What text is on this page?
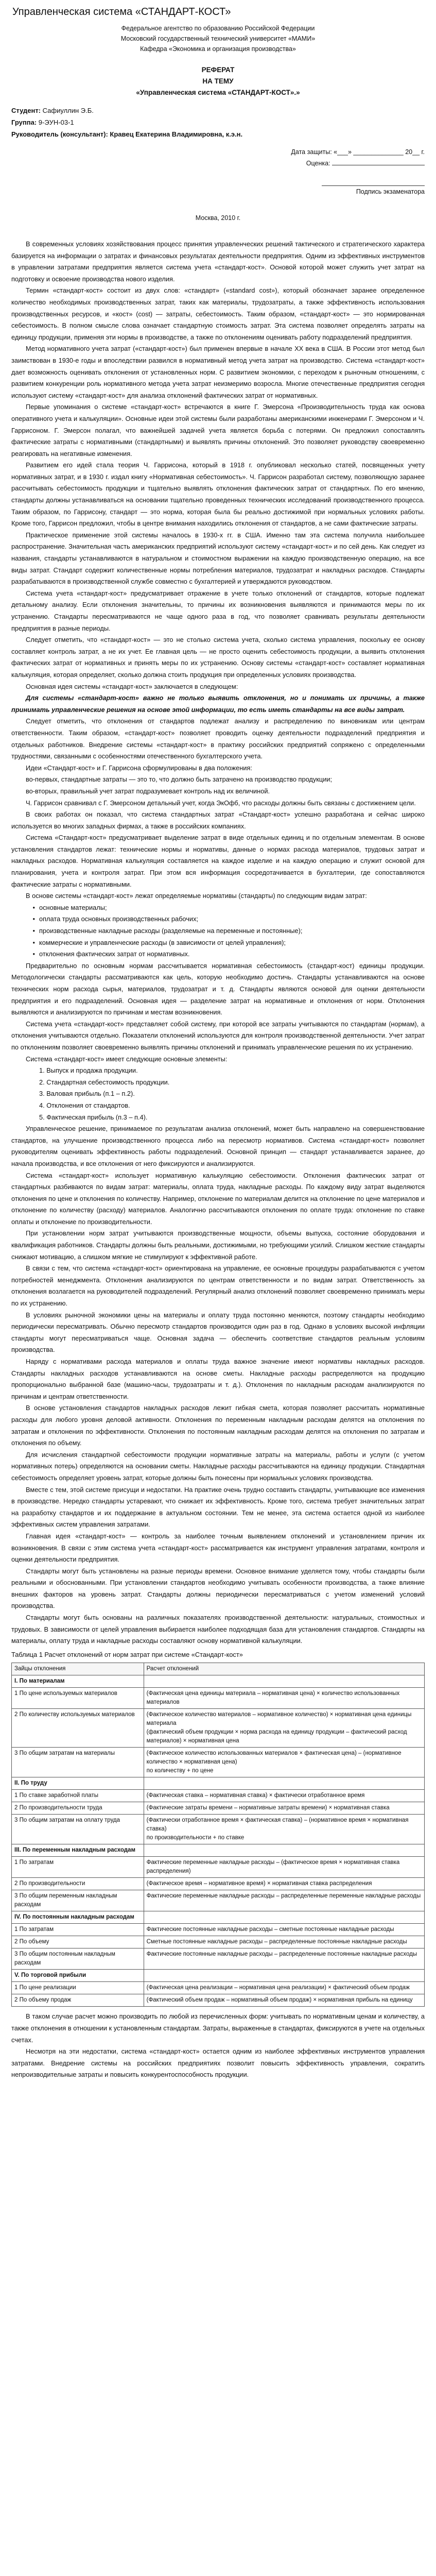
Управленческая система «СТАНДАРТ-КОСТ»
Федеральное агентство по образованию Российской Федерации
Московский государственный технический университет «МАМИ»
Кафедра «Экономика и организация производства»
РЕФЕРАТ
НА ТЕМУ
«Управленческая система «СТАНДАРТ-КОСТ».»
Студент: Сафиуллин Э.Б.
Группа: 9-ЭУН-03-1
Руководитель (консультант): Кравец Екатерина Владимировна, к.э.н.
Дата защиты: «___» ______________ 20__ г.
Оценка:

Подпись экзаменатора
Москва, 2010 г.

В современных условиях хозяйствования процесс принятия управленческих решений тактического и стратегического характера базируется на информации о затратах и финансовых результатах деятельности предприятия. Одним из эффективных инструментов в управлении затратами предприятия является система учета «стандарт-кост». Основой которой может служить учет затрат на подготовку и освоение производства нового изделия.

Термин «стандарт-кост» состоит из двух слов: «стандарт» («standard cost»), который обозначает заранее определенное количество необходимых производственных затрат, таких как материалы, трудозатраты, а также эффективность использования производственных ресурсов, и «кост» (cost) — затраты, себестоимость. Таким образом, «стандарт-кост» — это нормированная себестоимость. В полном смысле слова означает стандартную стоимость затрат. Эта система позволяет определять затраты на единицу продукции, применяя эти нормы в производстве, а также по отклонениям оценивать работу подразделений предприятия.

Метод нормативного учета затрат («стандарт-кост») был применен впервые в начале XX века в США. В России этот метод был заимствован в 1930-е годы и впоследствии развился в нормативный метод учета затрат на производство. Система «стандарт-кост» дает возможность оценивать отклонения от установленных норм. С развитием экономики, с переходом к рыночным отношениям, с развитием конкуренции роль нормативного метода учета затрат неизмеримо возросла. Многие отечественные предприятия сегодня используют систему «стандарт-кост» для анализа отклонений фактических затрат от нормативных.

Первые упоминания о системе «стандарт-кост» встречаются в книге Г. Эмерсона «Производительность труда как основа оперативного учета и калькуляции». Основные идеи этой системы были разработаны американскими инженерами Г. Эмерсоном и Ч. Гаррисоном. Г. Эмерсон полагал, что важнейшей задачей учета является борьба с потерями. Он предложил сопоставлять фактические затраты с нормативными (стандартными) и выявлять причины отклонений. Это позволяет руководству своевременно реагировать на негативные изменения.

Развитием его идей стала теория Ч. Гаррисона, который в 1918 г. опубликовал несколько статей, посвященных учету нормативных затрат, и в 1930 г. издал книгу «Нормативная себестоимость». Ч. Гаррисон разработал систему, позволяющую заранее рассчитывать себестоимость продукции и тщательно выявлять отклонения фактических затрат от стандартных. По его мнению, стандарты должны устанавливаться на основании тщательно проведенных технических исследований производственного процесса. Таким образом, по Гаррисону, стандарт — это норма, которая была бы реально достижимой при нормальных условиях работы. Кроме того, Гаррисон предложил, чтобы в центре внимания находились отклонения от стандартов, а не сами фактические затраты.

Практическое применение этой системы началось в 1930-х гг. в США. Именно там эта система получила наибольшее распространение. Значительная часть американских предприятий используют систему «стандарт-кост» и по сей день. Как следует из названия, стандарты устанавливаются в натуральном и стоимостном выражении на каждую производственную операцию, на все виды затрат. Стандарт содержит количественные нормы потребления материалов, трудозатрат и накладных расходов. Стандарты разрабатываются в производственной службе совместно с бухгалтерией и утверждаются руководством.

Система учета «стандарт-кост» предусматривает отражение в учете только отклонений от стандартов, которые подлежат детальному анализу. Если отклонения значительны, то причины их возникновения выявляются и принимаются меры по их устранению. Стандарты пересматриваются не чаще одного раза в год, что позволяет сравнивать результаты деятельности предприятия в разные периоды.

Следует отметить, что «стандарт-кост» — это не столько система учета, сколько система управления, поскольку ее основу составляет контроль затрат, а не их учет. Ее главная цель — не просто оценить себестоимость продукции, а выявить отклонения фактических затрат от нормативных и принять меры по их устранению. Основу системы «стандарт-кост» составляет нормативная калькуляция, которая определяет, сколько должна стоить продукция при определенных условиях производства.

Основная идея системы «стандарт-кост» заключается в следующем:

Для системы «стандарт-кост» важно не только выявить отклонения, но и понимать их причины, а также принимать управленческие решения на основе этой информации, то есть иметь стандарты на все виды затрат.

Следует отметить, что отклонения от стандартов подлежат анализу и распределению по виновникам или центрам ответственности. Таким образом, «стандарт-кост» позволяет проводить оценку деятельности подразделений предприятия и отдельных работников. Внедрение системы «стандарт-кост» в практику российских предприятий сопряжено с определенными трудностями, связанными с особенностями отечественного бухгалтерского учета.

Идеи «Стандарт-кост» и Г. Гаррисона сформулированы в два положения:

во-первых, стандартные затраты — это то, что должно быть затрачено на производство продукции;

во-вторых, правильный учет затрат подразумевает контроль над их величиной.

Ч. Гаррисон сравнивал с Г. Эмерсоном детальный учет, когда ЭкОфб, что расходы должны быть связаны с достижением цели.

В своих работах он показал, что система стандартных затрат «Стандарт-кост» успешно разработана и сейчас широко используется во многих западных фирмах, а также в российских компаниях.

Система «Стандарт-кост» предусматривает выделение затрат в виде отдельных единиц и по отдельным элементам. В основе установления стандартов лежат: технические нормы и нормативы, данные о нормах расхода материалов, трудовых затрат и накладных расходов. Нормативная калькуляция составляется на каждое изделие и на каждую операцию и служит основой для планирования, учета и контроля затрат. При этом вся информация сосредотачивается в бухгалтерии, где сопоставляются фактические затраты с нормативными.

В основе системы «стандарт-кост» лежат определяемые нормативы (стандарты) по следующим видам затрат:

• основные материалы;
• оплата труда основных производственных рабочих;
• производственные накладные расходы (разделяемые на переменные и постоянные);
• коммерческие и управленческие расходы (в зависимости от целей управления);
• отклонения фактических затрат от нормативных.

Предварительно по основным нормам рассчитывается нормативная себестоимость (стандарт-кост) единицы продукции. Методологически стандарты рассматриваются как цель, которую необходимо достичь. Стандарты устанавливаются на основе технических норм расхода сырья, материалов, трудозатрат и т. д. Стандарты являются основой для оценки деятельности предприятия и его подразделений. Основная идея — разделение затрат на нормативные и отклонения от норм. Отклонения выявляются и анализируются по причинам и местам возникновения.

Система учета «стандарт-кост» представляет собой систему, при которой все затраты учитываются по стандартам (нормам), а отклонения учитываются отдельно. Показатели отклонений используются для контроля производственной деятельности. Учет затрат по отклонениям позволяет своевременно выявлять причины отклонений и принимать управленческие решения по их устранению.

Система «стандарт-кост» имеет следующие основные элементы:

1. Выпуск и продажа продукции.
2. Стандартная себестоимость продукции.
3. Валовая прибыль (п.1 – п.2).
4. Отклонения от стандартов.
5. Фактическая прибыль (п.3 – п.4).

Управленческое решение, принимаемое по результатам анализа отклонений, может быть направлено на совершенствование стандартов, на улучшение производственного процесса либо на пересмотр нормативов. Система «стандарт-кост» позволяет руководителям оценивать эффективность работы подразделений. Основной принцип — стандарт устанавливается заранее, до начала производства, и все отклонения от него фиксируются и анализируются.

Система «стандарт-кост» использует нормативную калькуляцию себестоимости. Отклонения фактических затрат от стандартных разбиваются по видам затрат: материалы, оплата труда, накладные расходы. По каждому виду затрат выделяются отклонения по цене и отклонения по количеству. Например, отклонение по материалам делится на отклонение по цене материалов и отклонение по количеству (расходу) материалов. Аналогично рассчитываются отклонения по оплате труда: отклонение по ставке оплаты и отклонение по производительности.

При установлении норм затрат учитываются производственные мощности, объемы выпуска, состояние оборудования и квалификация работников. Стандарты должны быть реальными, достижимыми, но требующими усилий. Слишком жесткие стандарты снижают мотивацию, а слишком мягкие не стимулируют к эффективной работе.

В связи с тем, что система «стандарт-кост» ориентирована на управление, ее основные процедуры разрабатываются с учетом потребностей менеджмента. Отклонения анализируются по центрам ответственности и по видам затрат. Ответственность за отклонения возлагается на руководителей подразделений. Регулярный анализ отклонений позволяет своевременно принимать меры по их устранению.

В условиях рыночной экономики цены на материалы и оплату труда постоянно меняются, поэтому стандарты необходимо периодически пересматривать. Обычно пересмотр стандартов производится один раз в год. Однако в условиях высокой инфляции стандарты могут пересматриваться чаще. Основная задача — обеспечить соответствие стандартов реальным условиям производства.

Наряду с нормативами расхода материалов и оплаты труда важное значение имеют нормативы накладных расходов. Стандарты накладных расходов устанавливаются на основе сметы. Накладные расходы распределяются на продукцию пропорционально выбранной базе (машино-часы, трудозатраты и т. д.). Отклонения по накладным расходам анализируются по причинам и центрам ответственности.

В основе установления стандартов накладных расходов лежит гибкая смета, которая позволяет рассчитать нормативные расходы для любого уровня деловой активности. Отклонения по переменным накладным расходам делятся на отклонения по затратам и отклонения по эффективности. Отклонения по постоянным накладным расходам делятся на отклонения по затратам и отклонения по объему.

Для исчисления стандартной себестоимости продукции нормативные затраты на материалы, работы и услуги (с учетом нормативных потерь) определяются на основании сметы. Накладные расходы рассчитываются на единицу продукции. Стандартная себестоимость определяет уровень затрат, которые должны быть понесены при нормальных условиях производства.

Вместе с тем, этой системе присущи и недостатки. На практике очень трудно составить стандарты, учитывающие все изменения в производстве. Нередко стандарты устаревают, что снижает их эффективность. Кроме того, система требует значительных затрат на разработку стандартов и их поддержание в актуальном состоянии. Тем не менее, эта система остается одной из наиболее эффективных систем управления затратами.

Главная идея «стандарт-кост» — контроль за наиболее точным выявлением отклонений и установлением причин их возникновения. В связи с этим система учета «стандарт-кост» рассматривается как инструмент управления затратами, контроля и оценки деятельности предприятия.

Стандарты могут быть установлены на разные периоды времени. Основное внимание уделяется тому, чтобы стандарты были реальными и обоснованными. При установлении стандартов необходимо учитывать особенности производства, а также влияние внешних факторов на уровень затрат. Стандарты должны периодически пересматриваться с учетом изменений условий производства.

Стандарты могут быть основаны на различных показателях производственной деятельности: натуральных, стоимостных и трудовых. В зависимости от целей управления выбирается наиболее подходящая база для установления стандартов. Стандарты на материалы, оплату труда и накладные расходы составляют основу нормативной калькуляции.

Таблица 1 Расчет отклонений от норм затрат при системе «Стандарт-кост»
Зайцы отклонения	Расчет отклонений
I. По материалам	
1 По цене используемых материалов	(Фактическая цена единицы материала – нормативная цена) × количество использованных материалов

2 По количеству используемых материалов	(Фактическое количество материалов – нормативное количество) × нормативная цена единицы материала
(фактический объем продукции × норма расхода на единицу продукции – фактический расход материалов) × нормативная цена

3 По общим затратам на материалы	(Фактическое количество использованных материалов × фактическая цена) – (нормативное количество × нормативная цена)
по количеству + по цене

II. По труду	
1 По ставке заработной платы	(Фактическая ставка – нормативная ставка) × фактически отработанное время

2 По производительности труда	(Фактические затраты времени – нормативные затраты времени) × нормативная ставка

3 По общим затратам на оплату труда	(Фактически отработанное время × фактическая ставка) – (нормативное время × нормативная ставка)
по производительности + по ставке

III. По переменным накладным расходам	
1 По затратам	Фактические переменные накладные расходы – (фактическое время × нормативная ставка распределения)

2 По производительности	(Фактическое время – нормативное время) × нормативная ставка распределения

3 По общим переменным накладным расходам	Фактические переменные накладные расходы – распределенные переменные накладные расходы

IV. По постоянным накладным расходам	
1 По затратам	Фактические постоянные накладные расходы – сметные постоянные накладные расходы

2 По объему	Сметные постоянные накладные расходы – распределенные постоянные накладные расходы

3 По общим постоянным накладным расходам	Фактические постоянные накладные расходы – распределенные постоянные накладные расходы

V. По торговой прибыли	
1 По цене реализации	(Фактическая цена реализации – нормативная цена реализации) × фактический объем продаж

2 По объему продаж	(Фактический объем продаж – нормативный объем продаж) × нормативная прибыль на единицу

В таком случае расчет можно производить по любой из перечисленных форм: учитывать по нормативным ценам и количеству, а также отклонения в отношении к установленным стандартам. Затраты, выраженные в стандартах, фиксируются в учете на отдельных счетах.

Несмотря на эти недостатки, система «стандарт-кост» остается одним из наиболее эффективных инструментов управления затратами. Внедрение системы на российских предприятиях позволит повысить эффективность управления, сократить непроизводительные затраты и повысить конкурентоспособность продукции.
